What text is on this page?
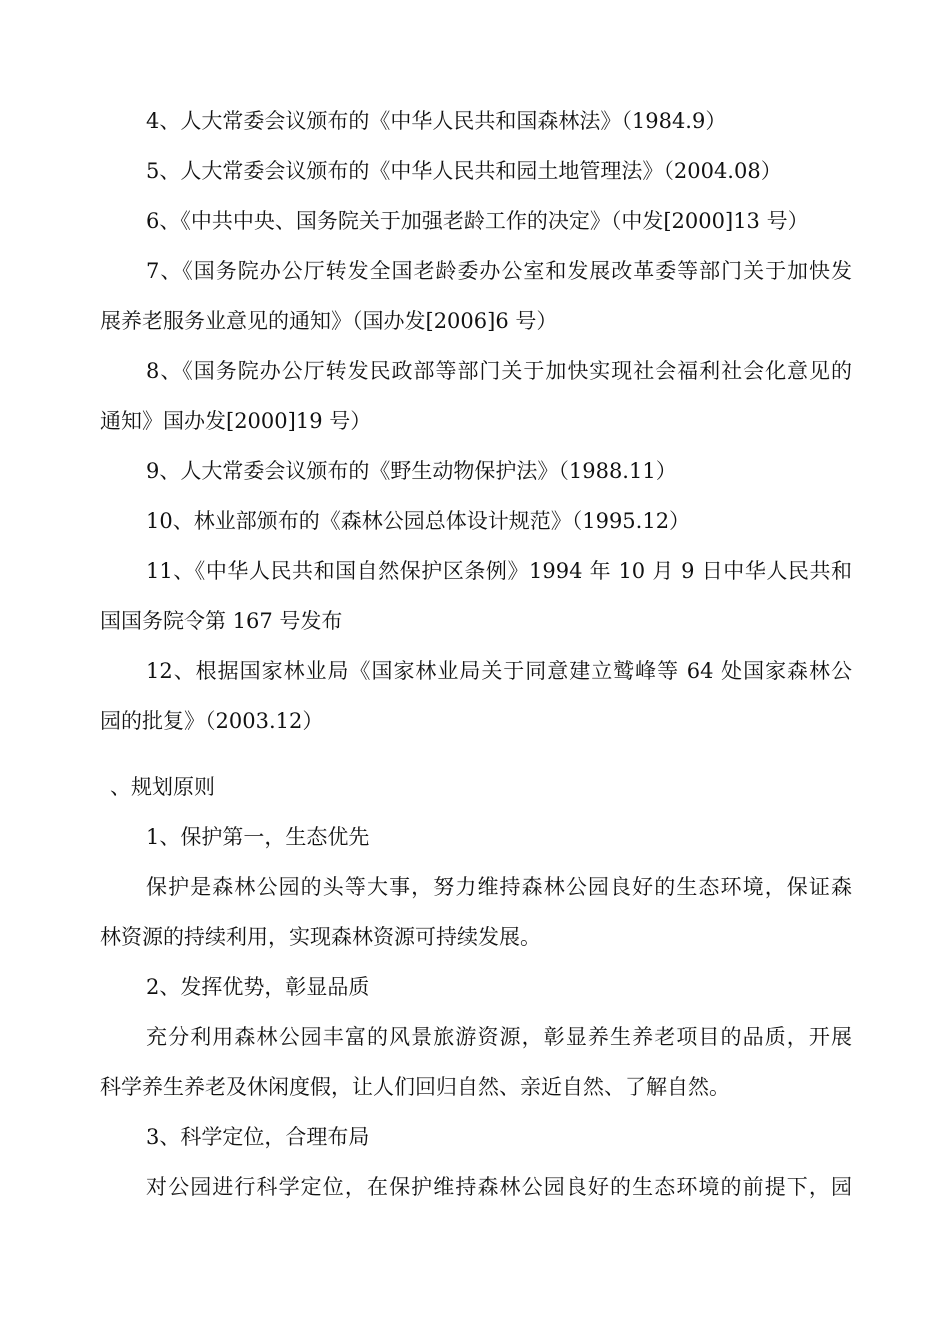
4、人大常委会议颁布的《中华人民共和国森林法》（1984.9）
5、人大常委会议颁布的《中华人民共和园土地管理法》（2004.08）
6、《中共中央、国务院关于加强老龄工作的决定》（中发[2000]13 号）
7、《国务院办公厅转发全国老龄委办公室和发展改革委等部门关于加快发
展养老服务业意见的通知》（国办发[2006]6 号）
8、《国务院办公厅转发民政部等部门关于加快实现社会福利社会化意见的
通知》国办发[2000]19 号）
9、人大常委会议颁布的《野生动物保护法》（1988.11）
10、林业部颁布的《森林公园总体设计规范》（1995.12）
11、《中华人民共和国自然保护区条例》1994 年 10 月 9 日中华人民共和
国国务院令第 167 号发布
12、根据国家林业局《国家林业局关于同意建立鹫峰等 64 处国家森林公
园的批复》（2003.12）
、规划原则
1、保护第一，生态优先
保护是森林公园的头等大事，努力维持森林公园良好的生态环境，保证森
林资源的持续利用，实现森林资源可持续发展。
2、发挥优势，彰显品质
充分利用森林公园丰富的风景旅游资源，彰显养生养老项目的品质，开展
科学养生养老及休闲度假，让人们回归自然、亲近自然、了解自然。
3、科学定位，合理布局
对公园进行科学定位，在保护维持森林公园良好的生态环境的前提下，园
